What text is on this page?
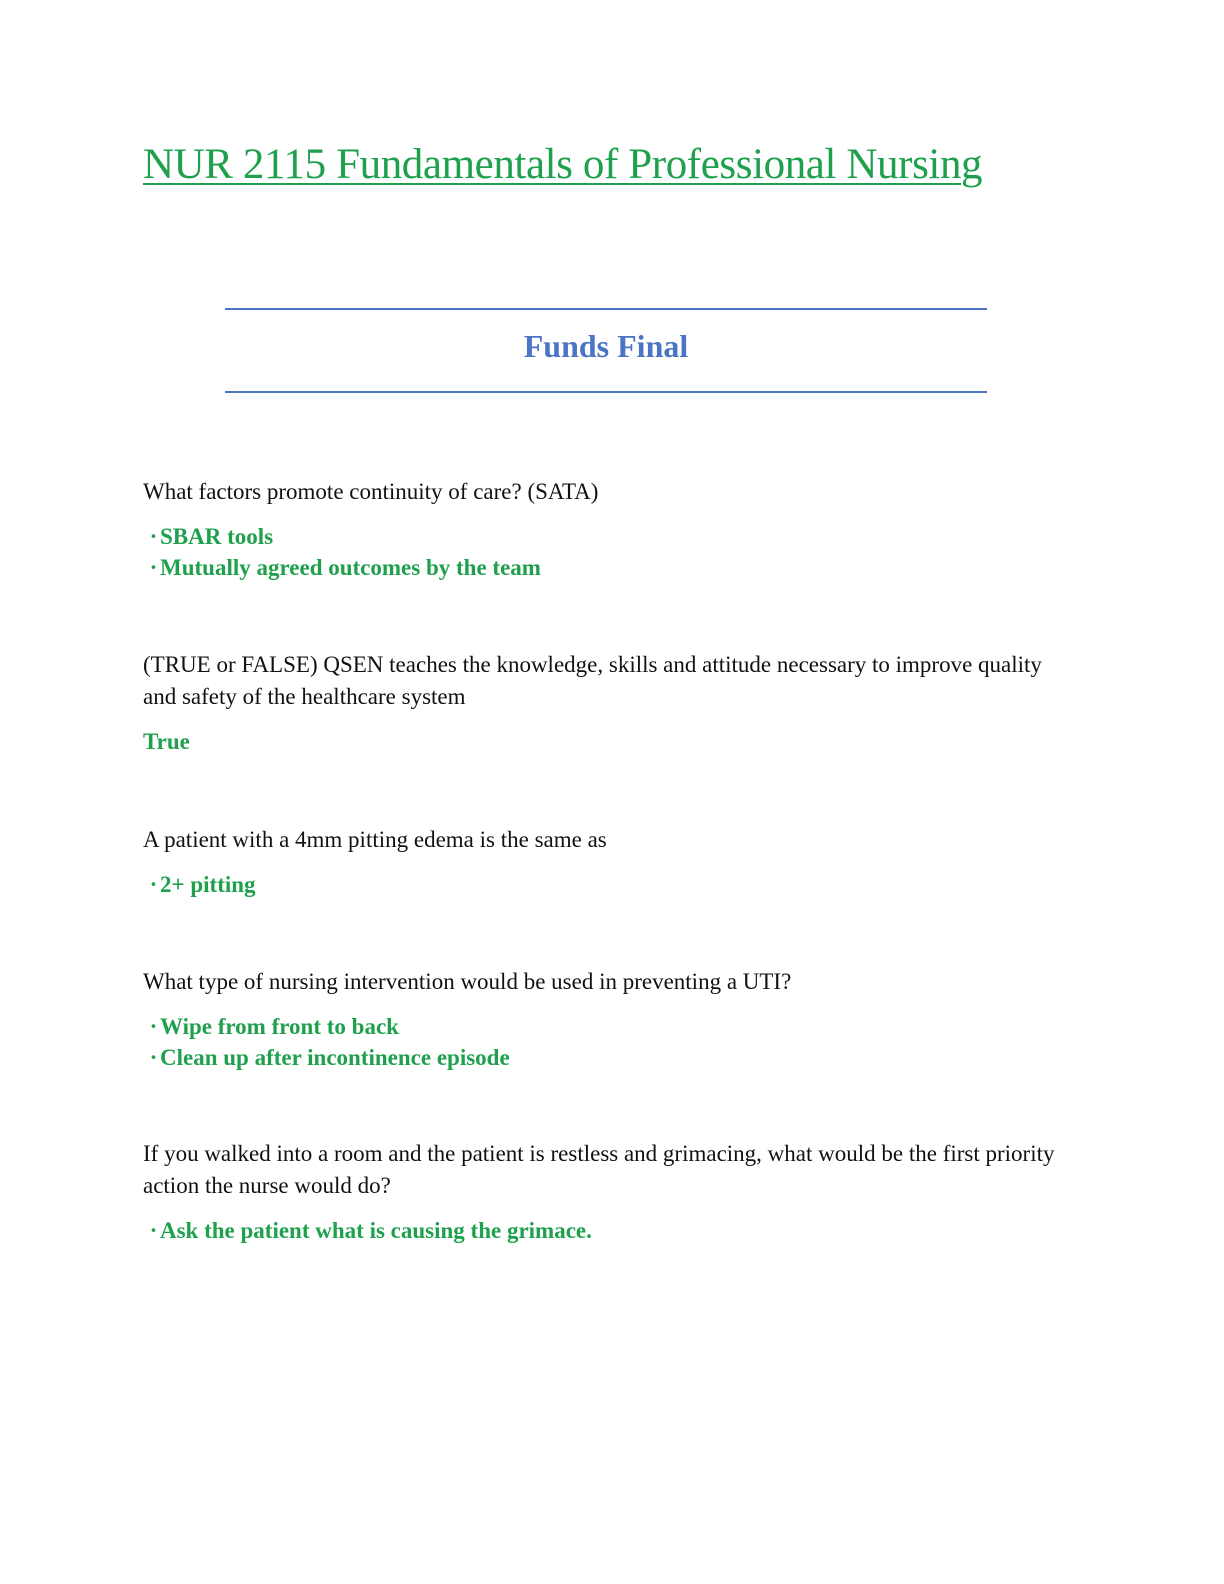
NUR 2115 Fundamentals of Professional Nursing
Funds Final

What factors promote continuity of care? (SATA)

· SBAR tools
· Mutually agreed outcomes by the team

(TRUE or FALSE) QSEN teaches the knowledge, skills and attitude necessary to improve quality and safety of the healthcare system

True

A patient with a 4mm pitting edema is the same as

· 2+ pitting

What type of nursing intervention would be used in preventing a UTI?

· Wipe from front to back
· Clean up after incontinence episode

If you walked into a room and the patient is restless and grimacing, what would be the first priority action the nurse would do?

· Ask the patient what is causing the grimace.
